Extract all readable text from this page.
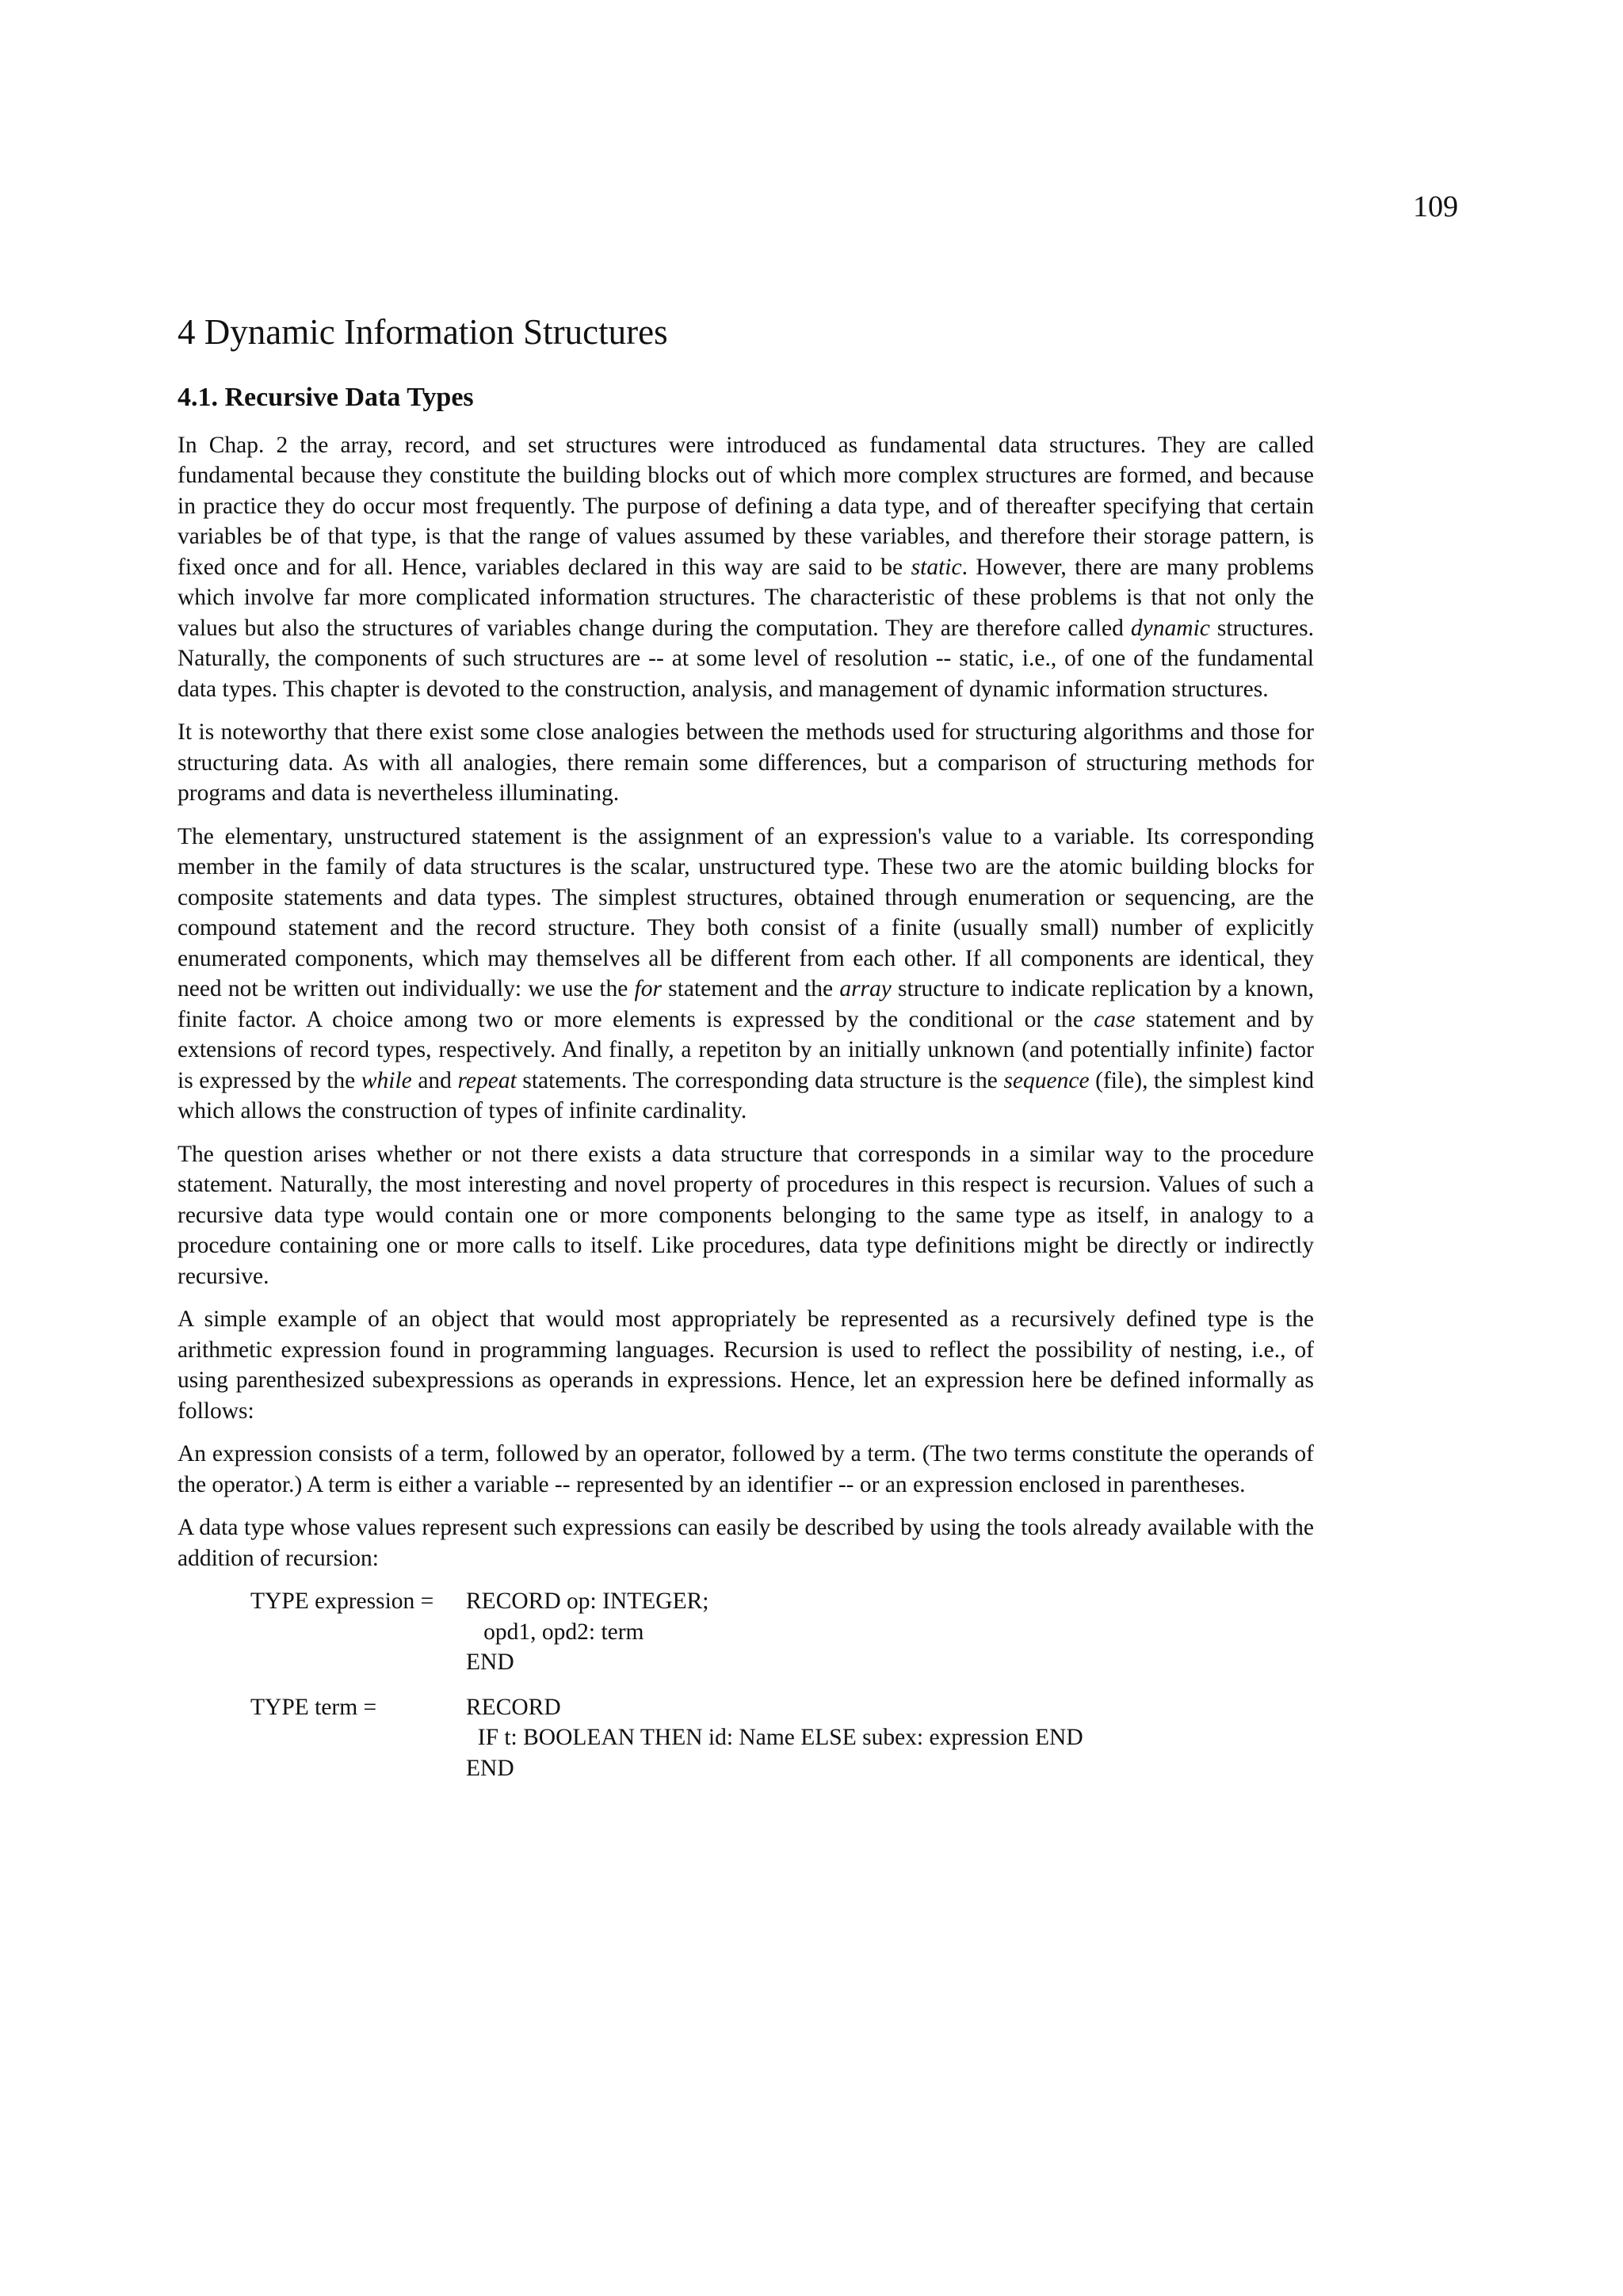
109
4 Dynamic Information Structures
4.1. Recursive Data Types

In Chap. 2 the array, record, and set structures were introduced as fundamental data structures. They are called fundamental because they constitute the building blocks out of which more complex structures are formed, and because in practice they do occur most frequently. The purpose of defining a data type, and of thereafter specifying that certain variables be of that type, is that the range of values assumed by these variables, and therefore their storage pattern, is fixed once and for all. Hence, variables declared in this way are said to be static. However, there are many problems which involve far more complicated information structures. The characteristic of these problems is that not only the values but also the structures of variables change during the computation. They are therefore called dynamic structures. Naturally, the components of such structures are -- at some level of resolution -- static, i.e., of one of the fundamental data types. This chapter is devoted to the construction, analysis, and management of dynamic information structures.

It is noteworthy that there exist some close analogies between the methods used for structuring algorithms and those for structuring data. As with all analogies, there remain some differences, but a comparison of structuring methods for programs and data is nevertheless illuminating.

The elementary, unstructured statement is the assignment of an expression's value to a variable. Its corresponding member in the family of data structures is the scalar, unstructured type. These two are the atomic building blocks for composite statements and data types. The simplest structures, obtained through enumeration or sequencing, are the compound statement and the record structure. They both consist of a finite (usually small) number of explicitly enumerated components, which may themselves all be different from each other. If all components are identical, they need not be written out individually: we use the for statement and the array structure to indicate replication by a known, finite factor. A choice among two or more elements is expressed by the conditional or the case statement and by extensions of record types, respectively. And finally, a repetiton by an initially unknown (and potentially infinite) factor is expressed by the while and repeat statements. The corresponding data structure is the sequence (file), the simplest kind which allows the construction of types of infinite cardinality.

The question arises whether or not there exists a data structure that corresponds in a similar way to the procedure statement. Naturally, the most interesting and novel property of procedures in this respect is recursion. Values of such a recursive data type would contain one or more components belonging to the same type as itself, in analogy to a procedure containing one or more calls to itself. Like procedures, data type definitions might be directly or indirectly recursive.

A simple example of an object that would most appropriately be represented as a recursively defined type is the arithmetic expression found in programming languages. Recursion is used to reflect the possibility of nesting, i.e., of using parenthesized subexpressions as operands in expressions. Hence, let an expression here be defined informally as follows:

An expression consists of a term, followed by an operator, followed by a term. (The two terms constitute the operands of the operator.) A term is either a variable -- represented by an identifier -- or an expression enclosed in parentheses.

A data type whose values represent such expressions can easily be described by using the tools already available with the addition of recursion:

TYPE expression =	RECORD op: INTEGER;
opd1, opd2: term
END
TYPE term =	RECORD
IF t: BOOLEAN THEN id: Name ELSE subex: expression END
END
